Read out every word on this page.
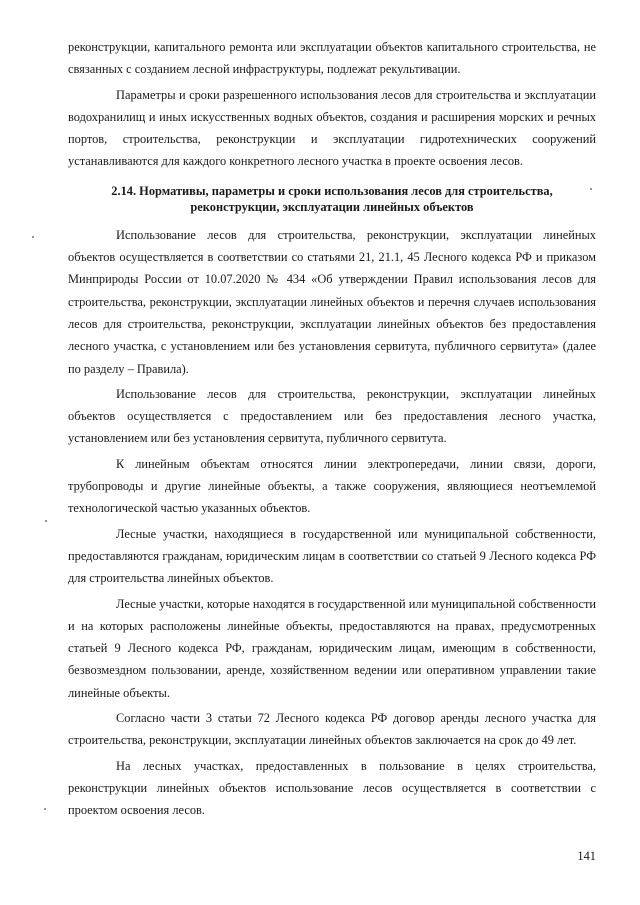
реконструкции, капитального ремонта или эксплуатации объектов капитального строительства, не связанных с созданием лесной инфраструктуры, подлежат рекультивации.

Параметры и сроки разрешенного использования лесов для строительства и эксплуатации водохранилищ и иных искусственных водных объектов, создания и расширения морских и речных портов, строительства, реконструкции и эксплуатации гидротехнических сооружений устанавливаются для каждого конкретного лесного участка в проекте освоения лесов.

2.14. Нормативы, параметры и сроки использования лесов для строительства, реконструкции, эксплуатации линейных объектов

Использование лесов для строительства, реконструкции, эксплуатации линейных объектов осуществляется в соответствии со статьями 21, 21.1, 45 Лесного кодекса РФ и приказом Минприроды России от 10.07.2020 № 434 «Об утверждении Правил использования лесов для строительства, реконструкции, эксплуатации линейных объектов и перечня случаев использования лесов для строительства, реконструкции, эксплуатации линейных объектов без предоставления лесного участка, с установлением или без установления сервитута, публичного сервитута» (далее по разделу – Правила).

Использование лесов для строительства, реконструкции, эксплуатации линейных объектов осуществляется с предоставлением или без предоставления лесного участка, установлением или без установления сервитута, публичного сервитута.

К линейным объектам относятся линии электропередачи, линии связи, дороги, трубопроводы и другие линейные объекты, а также сооружения, являющиеся неотъемлемой технологической частью указанных объектов.

Лесные участки, находящиеся в государственной или муниципальной собственности, предоставляются гражданам, юридическим лицам в соответствии со статьей 9 Лесного кодекса РФ для строительства линейных объектов.

Лесные участки, которые находятся в государственной или муниципальной собственности и на которых расположены линейные объекты, предоставляются на правах, предусмотренных статьей 9 Лесного кодекса РФ, гражданам, юридическим лицам, имеющим в собственности, безвозмездном пользовании, аренде, хозяйственном ведении или оперативном управлении такие линейные объекты.

Согласно части 3 статьи 72 Лесного кодекса РФ договор аренды лесного участка для строительства, реконструкции, эксплуатации линейных объектов заключается на срок до 49 лет.

На лесных участках, предоставленных в пользование в целях строительства, реконструкции линейных объектов использование лесов осуществляется в соответствии с проектом освоения лесов.

141
